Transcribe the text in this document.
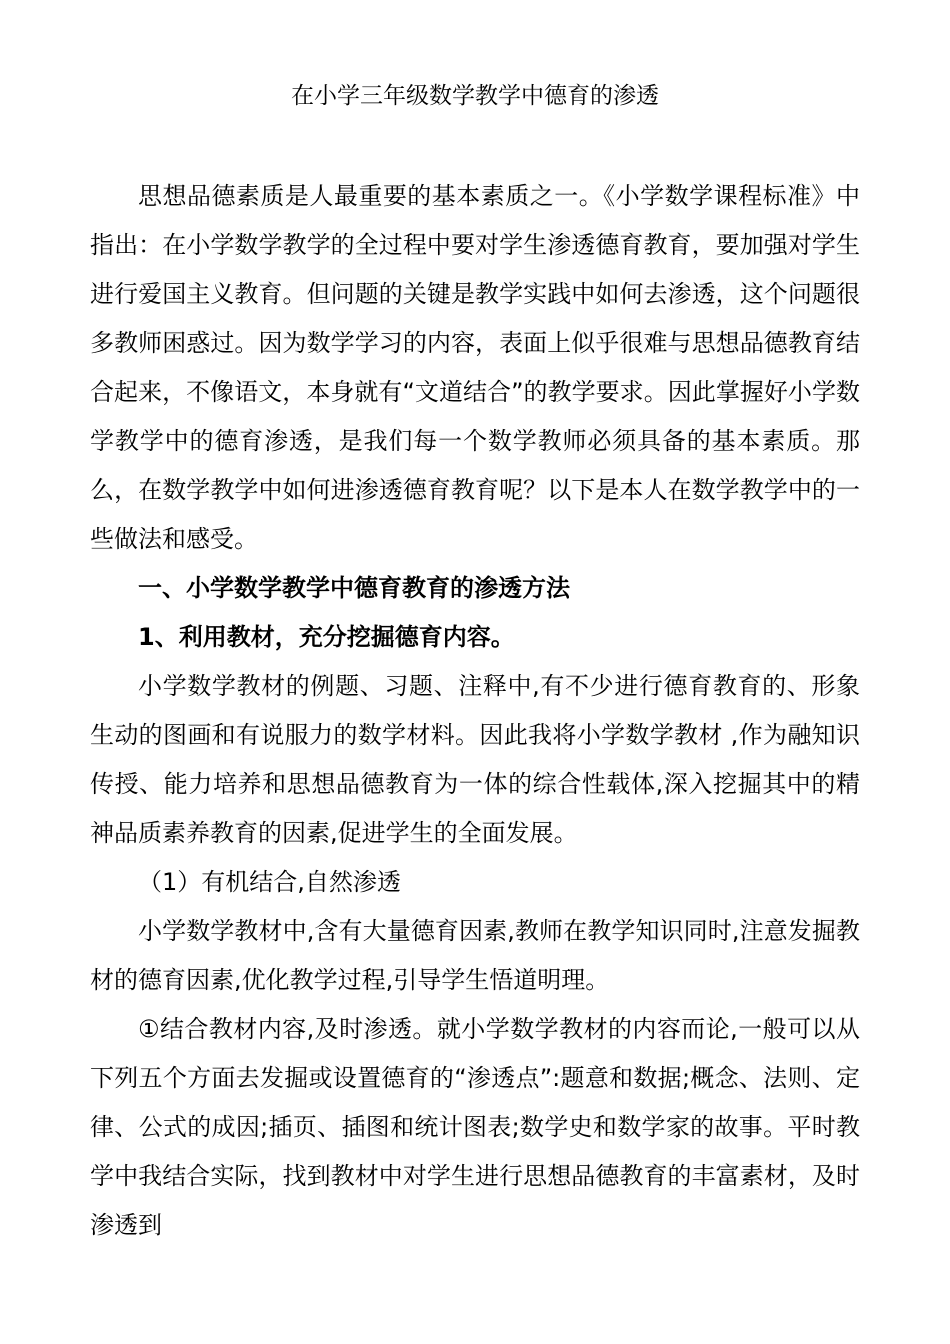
在小学三年级数学教学中德育的渗透

思想品德素质是人最重要的基本素质之一。《小学数学课程标准》中指出：在小学数学教学的全过程中要对学生渗透德育教育，要加强对学生进行爱国主义教育。但问题的关键是教学实践中如何去渗透，这个问题很多教师困惑过。因为数学学习的内容，表面上似乎很难与思想品德教育结合起来，不像语文，本身就有“文道结合”的教学要求。因此掌握好小学数学教学中的德育渗透，是我们每一个数学教师必须具备的基本素质。那么，在数学教学中如何进渗透德育教育呢？以下是本人在数学教学中的一些做法和感受。

一、小学数学教学中德育教育的渗透方法

1、利用教材，充分挖掘德育内容。

小学数学教材的例题、习题、注释中,有不少进行德育教育的、形象生动的图画和有说服力的数学材料。因此我将小学数学教材 ,作为融知识传授、能力培养和思想品德教育为一体的综合性载体,深入挖掘其中的精神品质素养教育的因素,促进学生的全面发展。

（1）有机结合,自然渗透

小学数学教材中,含有大量德育因素,教师在教学知识同时,注意发掘教材的德育因素,优化教学过程,引导学生悟道明理。

①结合教材内容,及时渗透。就小学数学教材的内容而论,一般可以从下列五个方面去发掘或设置德育的“渗透点”:题意和数据;概念、法则、定律、公式的成因;插页、插图和统计图表;数学史和数学家的故事。平时教学中我结合实际，找到教材中对学生进行思想品德教育的丰富素材，及时渗透到
